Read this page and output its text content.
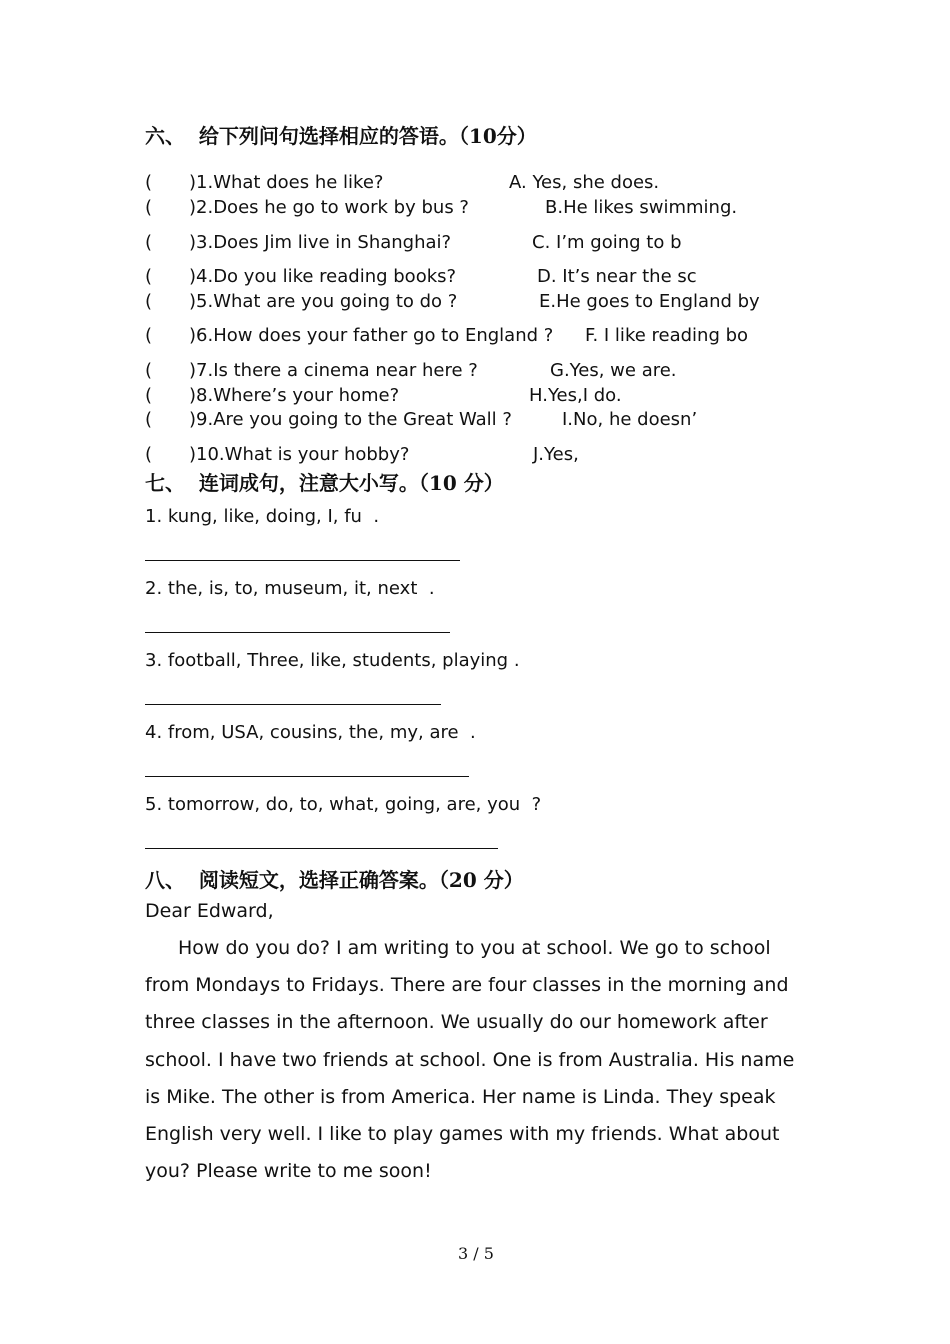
六、  给下列问句选择相应的答语。（10分）
( )1.What does he like?	A. Yes, she does.
( )2.Does he go to work by bus ?	B.He likes swimming.
( )3.Does Jim live in Shanghai?	C. I’m going to b
( )4.Do you like reading books?	D. It’s near the sc
( )5.What are you going to do ?	E.He goes to England by
( )6.How does your father go to England ? F. I like reading bo
( )7.Is there a cinema near here ?	G.Yes, we are.
( )8.Where’s your home?	H.Yes,I do.
( )9.Are you going to the Great Wall ?	I.No, he doesn’
( )10.What is your hobby?	J.Yes,
七、  连词成句，注意大小写。（10 分）
1. kung, like, doing, I, fu  .
2. the, is, to, museum, it, next  .
3. football, Three, like, students, playing .
4. from, USA, cousins, the, my, are  .
5. tomorrow, do, to, what, going, are, you  ?
八、  阅读短文，选择正确答案。（20 分）
Dear Edward,

How do you do? I am writing to you at school. We go to school from Mondays to Fridays. There are four classes in the morning and three classes in the afternoon. We usually do our homework after school. I have two friends at school. One is from Australia. His name is Mike. The other is from America. Her name is Linda. They speak English very well. I like to play games with my friends. What about you? Please write to me soon!

3 / 5
